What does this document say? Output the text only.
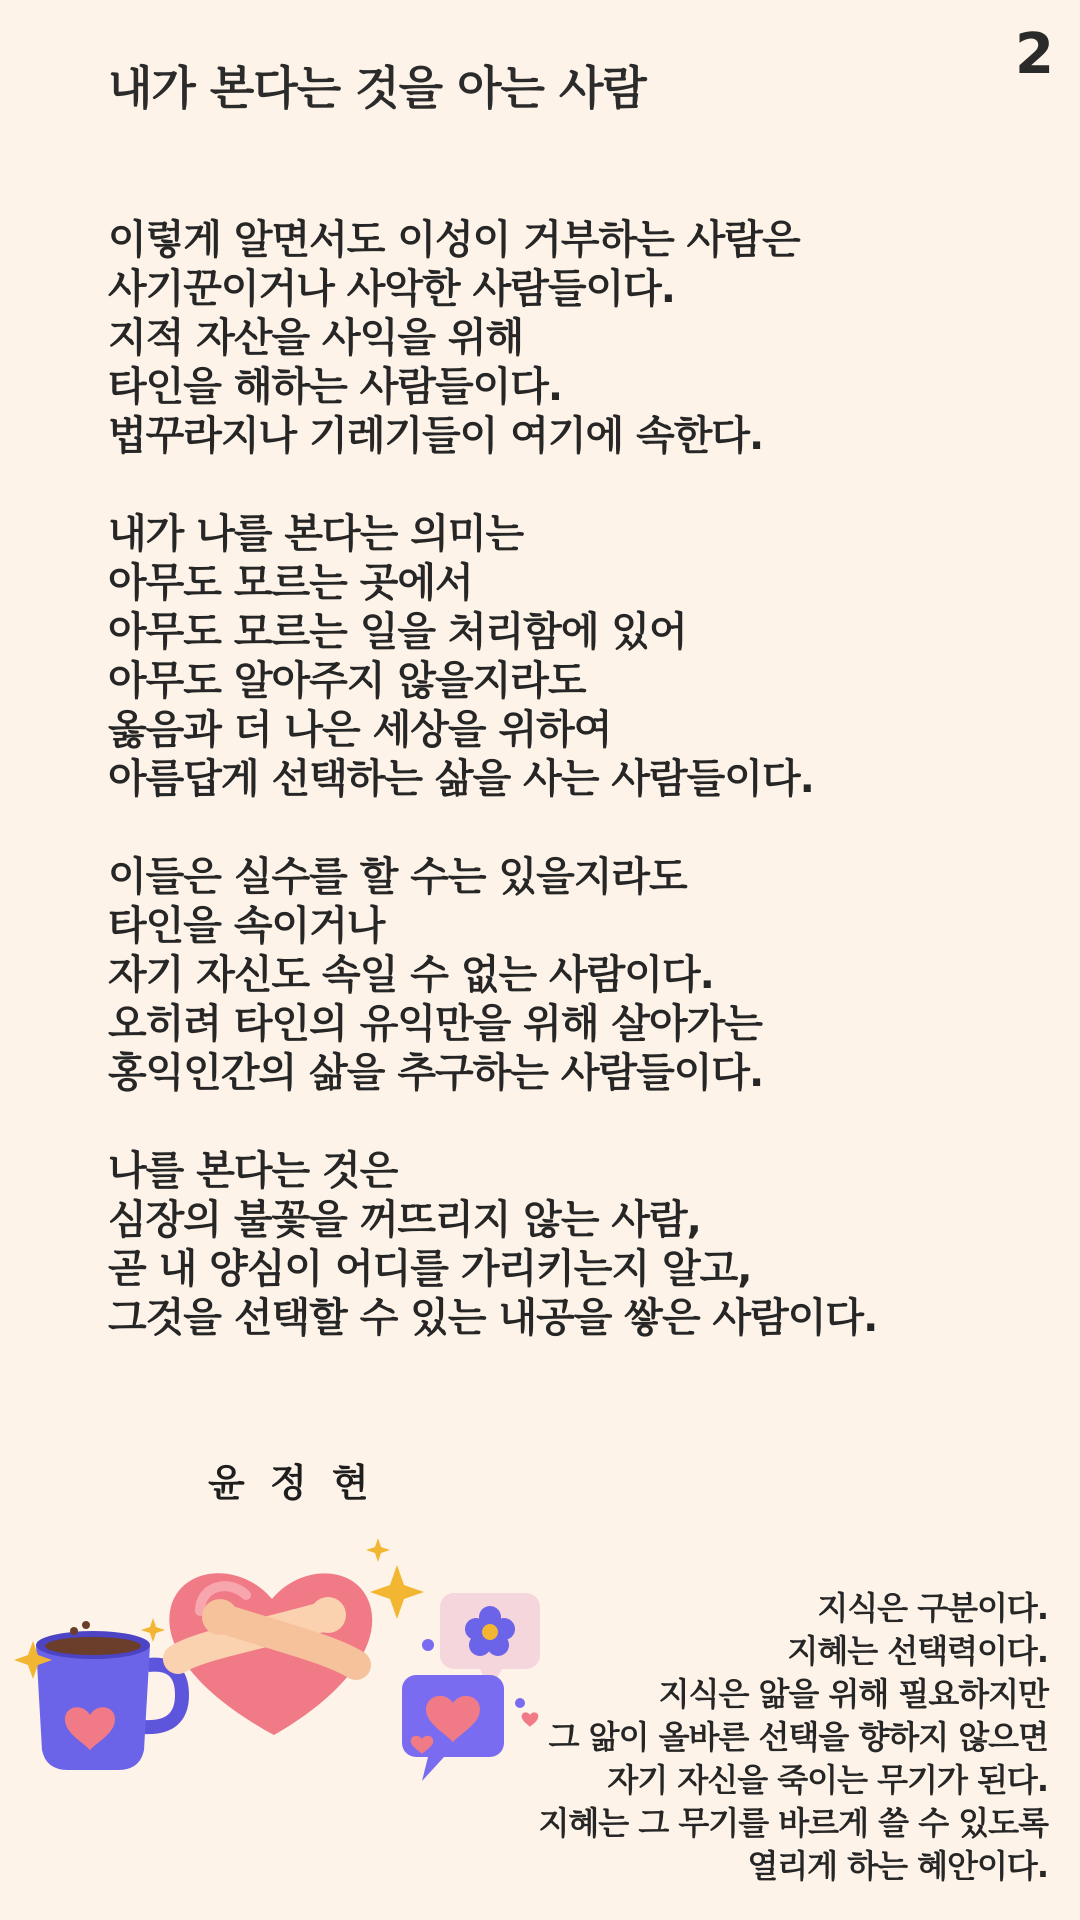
2
내가 본다는 것을 아는 사람
이렇게 알면서도 이성이 거부하는 사람은
사기꾼이거나 사악한 사람들이다.
지적 자산을 사익을 위해
타인을 해하는 사람들이다.
법꾸라지나 기레기들이 여기에 속한다.
내가 나를 본다는 의미는
아무도 모르는 곳에서
아무도 모르는 일을 처리함에 있어
아무도 알아주지 않을지라도
옳음과 더 나은 세상을 위하여
아름답게 선택하는 삶을 사는 사람들이다.
이들은 실수를 할 수는 있을지라도
타인을 속이거나
자기 자신도 속일 수 없는 사람이다.
오히려 타인의 유익만을 위해 살아가는
홍익인간의 삶을 추구하는 사람들이다.
나를 본다는 것은
심장의 불꽃을 꺼뜨리지 않는 사람,
곧 내 양심이 어디를 가리키는지 알고,
그것을 선택할 수 있는 내공을 쌓은 사람이다.
윤 정 현
지식은 구분이다.
지혜는 선택력이다.
지식은 앎을 위해 필요하지만
그 앎이 올바른 선택을 향하지 않으면
자기 자신을 죽이는 무기가 된다.
지혜는 그 무기를 바르게 쓸 수 있도록
열리게 하는 혜안이다.
